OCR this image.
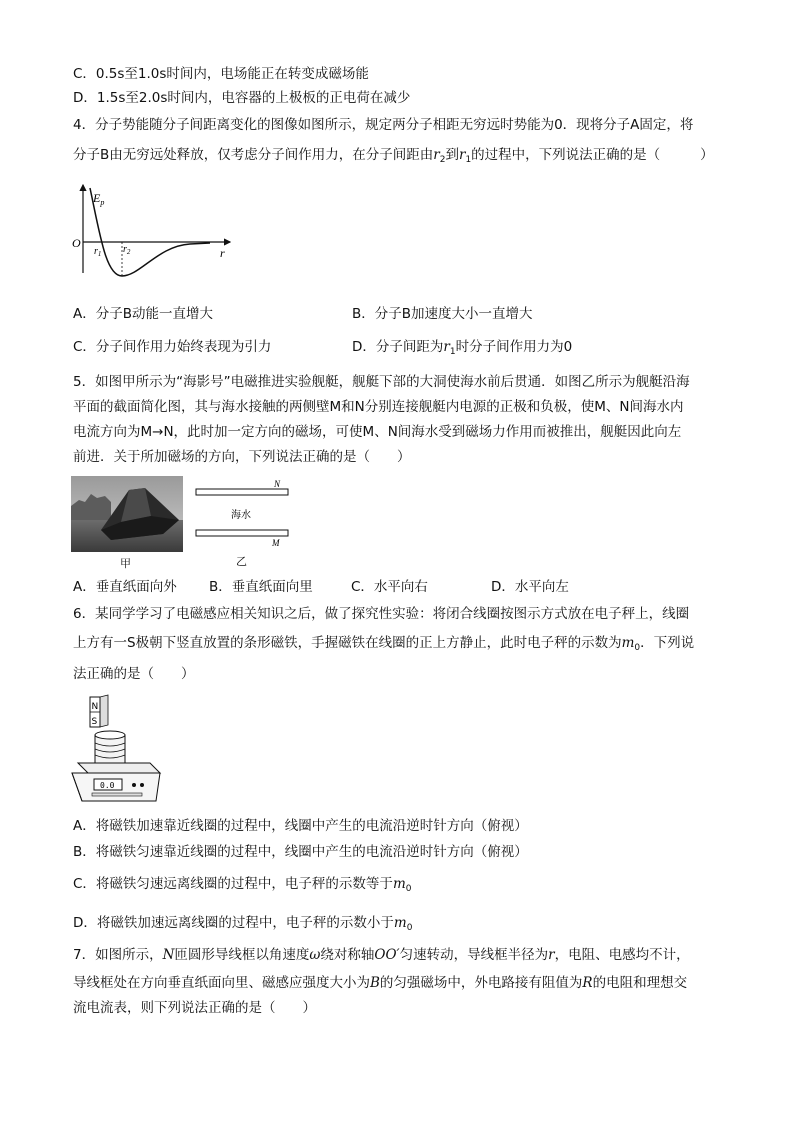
C．0.5s至1.0s时间内，电场能正在转变成磁场能
D．1.5s至2.0s时间内，电容器的上极板的正电荷在减少
4．分子势能随分子间距离变化的图像如图所示，规定两分子相距无穷远时势能为0．现将分子A固定，将
分子B由无穷远处释放，仅考虑分子间作用力，在分子间距由$r_2$到$r_1$的过程中，下列说法正确的是（	）
$E_p$
O
$r_1$ $r_2$	r
A．分子B动能一直增大	B．分子B加速度大小一直增大
C．分子间作用力始终表现为引力	D．分子间距为$r_1$时分子间作用力为0
5．如图甲所示为“海影号”电磁推进实验舰艇，舰艇下部的大洞使海水前后贯通．如图乙所示为舰艇沿海
平面的截面简化图，其与海水接触的两侧壁M和N分别连接舰艇内电源的正极和负极，使M、N间海水内
电流方向为M→N，此时加一定方向的磁场，可使M、N间海水受到磁场力作用而被推出，舰艇因此向左
前进．关于所加磁场的方向，下列说法正确的是（　　）
甲
N
M
海水
乙
A．垂直纸面向外 B．垂直纸面向里	C．水平向右	D．水平向左
6．某同学学习了电磁感应相关知识之后，做了探究性实验：将闭合线圈按图示方式放在电子秤上，线圈
上方有一S极朝下竖直放置的条形磁铁，手握磁铁在线圈的正上方静止，此时电子秤的示数为$m_0$．下列说
法正确的是（　　）
N
S
0.0
A．将磁铁加速靠近线圈的过程中，线圈中产生的电流沿逆时针方向（俯视）
B．将磁铁匀速靠近线圈的过程中，线圈中产生的电流沿逆时针方向（俯视）
C．将磁铁匀速远离线圈的过程中，电子秤的示数等于$m_0$
D．将磁铁加速远离线圈的过程中，电子秤的示数小于$m_0$
7．如图所示，N匝圆形导线框以角速度ω绕对称轴OO′匀速转动，导线框半径为r，电阻、电感均不计，
导线框处在方向垂直纸面向里、磁感应强度大小为B的匀强磁场中，外电路接有阻值为R的电阻和理想交
流电流表，则下列说法正确的是（　　）
